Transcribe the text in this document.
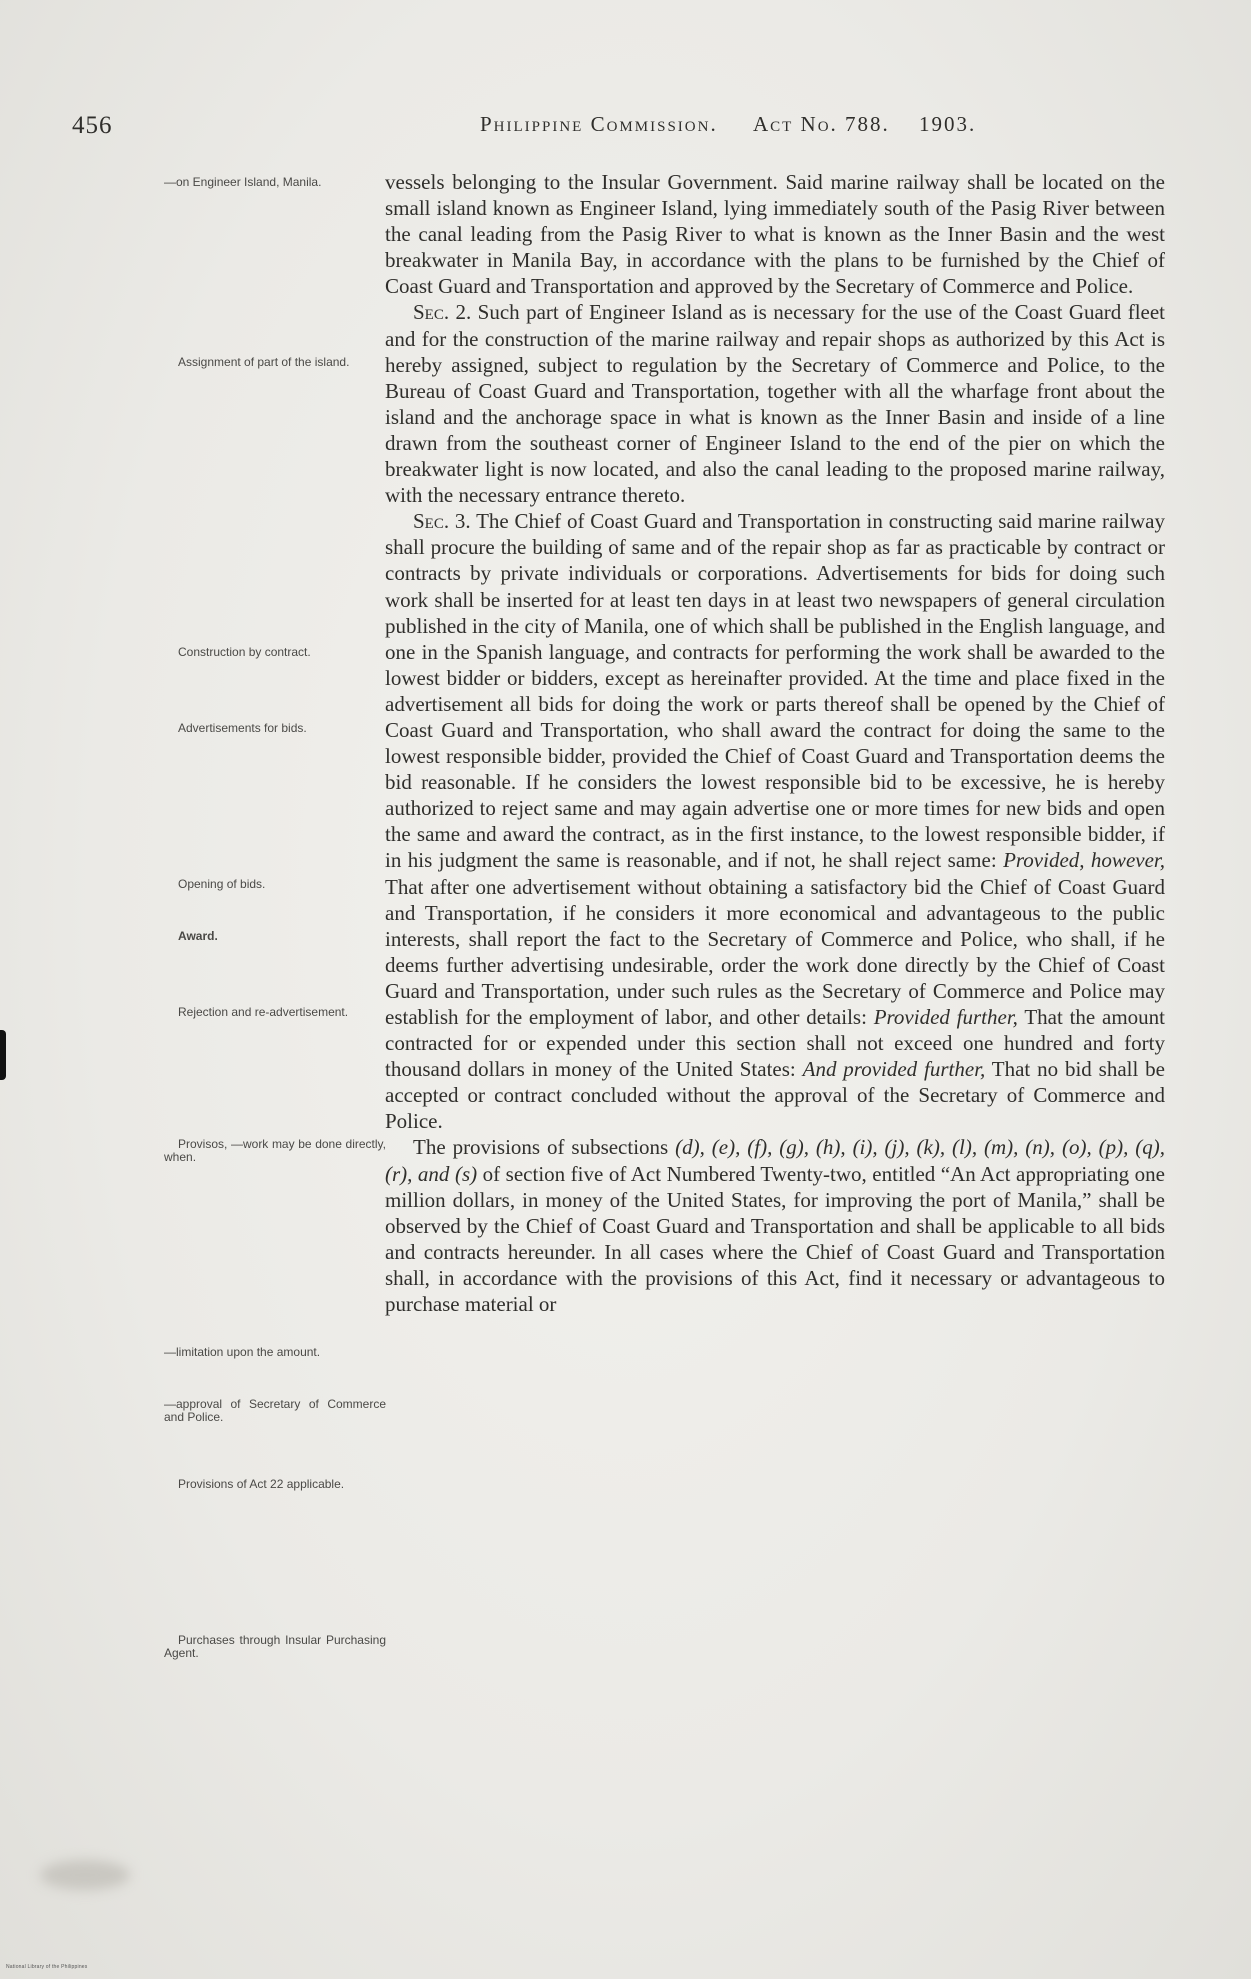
456	Philippine Commission. Act No. 788. 1903.
—on Engineer Island, Manila.
Assignment of part of the island.
Construction by contract.
Advertisements for bids.
Opening of bids.
Award.
Rejection and re-advertisement.
Provisos, —work may be done directly, when.
—limitation upon the amount.
—approval of Secretary of Commerce and Police.
Provisions of Act 22 applicable.
Purchases through Insular Purchasing Agent.

vessels belonging to the Insular Government. Said marine railway shall be located on the small island known as Engineer Island, lying immediately south of the Pasig River between the canal leading from the Pasig River to what is known as the Inner Basin and the west breakwater in Manila Bay, in accordance with the plans to be furnished by the Chief of Coast Guard and Transportation and approved by the Secretary of Commerce and Police.

Sec. 2. Such part of Engineer Island as is necessary for the use of the Coast Guard fleet and for the construction of the marine railway and repair shops as authorized by this Act is hereby assigned, subject to regulation by the Secretary of Commerce and Police, to the Bureau of Coast Guard and Transportation, together with all the wharfage front about the island and the anchorage space in what is known as the Inner Basin and inside of a line drawn from the southeast corner of Engineer Island to the end of the pier on which the breakwater light is now located, and also the canal leading to the proposed marine railway, with the necessary entrance thereto.

Sec. 3. The Chief of Coast Guard and Transportation in constructing said marine railway shall procure the building of same and of the repair shop as far as practicable by contract or contracts by private individuals or corporations. Advertisements for bids for doing such work shall be inserted for at least ten days in at least two newspapers of general circulation published in the city of Manila, one of which shall be published in the English language, and one in the Spanish language, and contracts for performing the work shall be awarded to the lowest bidder or bidders, except as hereinafter provided. At the time and place fixed in the advertisement all bids for doing the work or parts thereof shall be opened by the Chief of Coast Guard and Transportation, who shall award the contract for doing the same to the lowest responsible bidder, provided the Chief of Coast Guard and Transportation deems the bid reasonable. If he considers the lowest responsible bid to be excessive, he is hereby authorized to reject same and may again advertise one or more times for new bids and open the same and award the contract, as in the first instance, to the lowest responsible bidder, if in his judgment the same is reasonable, and if not, he shall reject same: Provided, however, That after one advertisement without obtaining a satisfactory bid the Chief of Coast Guard and Transportation, if he considers it more economical and advantageous to the public interests, shall report the fact to the Secretary of Commerce and Police, who shall, if he deems further advertising undesirable, order the work done directly by the Chief of Coast Guard and Transportation, under such rules as the Secretary of Commerce and Police may establish for the employment of labor, and other details: Provided further, That the amount contracted for or expended under this section shall not exceed one hundred and forty thousand dollars in money of the United States: And provided further, That no bid shall be accepted or contract concluded without the approval of the Secretary of Commerce and Police.

The provisions of subsections (d), (e), (f), (g), (h), (i), (j), (k), (l), (m), (n), (o), (p), (q), (r), and (s) of section five of Act Numbered Twenty-two, entitled “An Act appropriating one million dollars, in money of the United States, for improving the port of Manila,” shall be observed by the Chief of Coast Guard and Transportation and shall be applicable to all bids and contracts hereunder. In all cases where the Chief of Coast Guard and Transportation shall, in accordance with the provisions of this Act, find it necessary or advantageous to purchase material or

National Library of the Philippines
